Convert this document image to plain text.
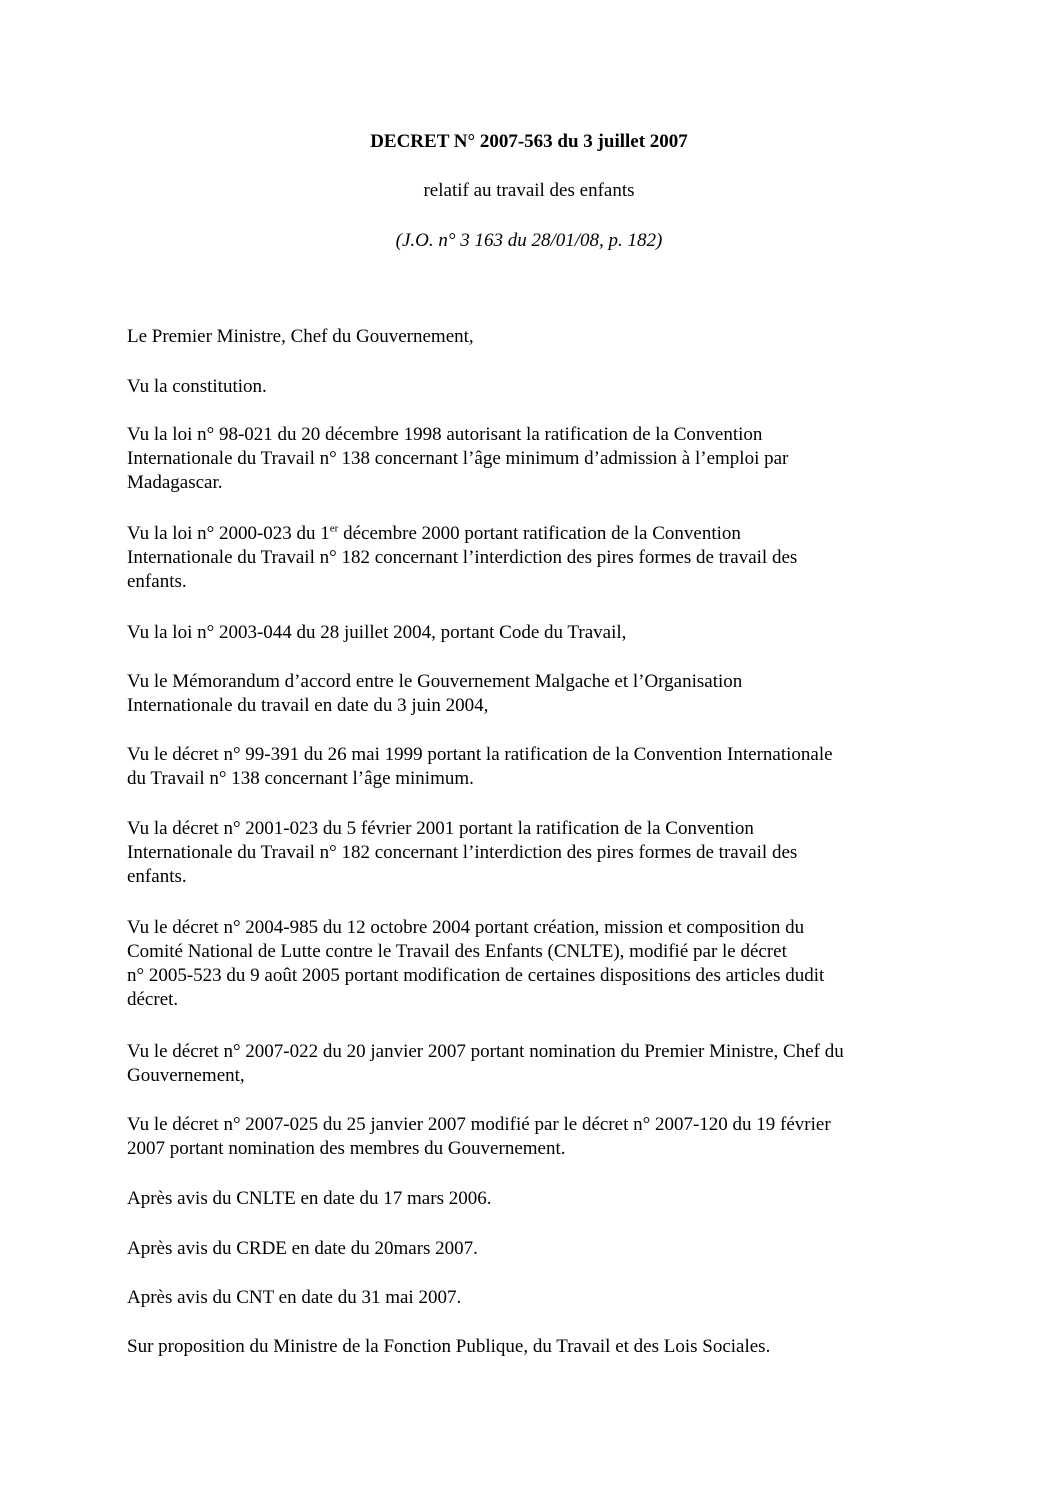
DECRET N° 2007-563 du 3 juillet 2007
relatif au travail des enfants
(J.O. n° 3 163 du 28/01/08, p. 182)
Le Premier Ministre, Chef du Gouvernement,
Vu la constitution.
Vu la loi n° 98-021 du 20 décembre 1998 autorisant la ratification de la Convention
Internationale du Travail n° 138 concernant l’âge minimum d’admission à l’emploi par
Madagascar.
Vu la loi n° 2000-023 du 1er décembre 2000 portant ratification de la Convention
Internationale du Travail n° 182 concernant l’interdiction des pires formes de travail des
enfants.
Vu la loi n° 2003-044 du 28 juillet 2004, portant Code du Travail,
Vu le Mémorandum d’accord entre le Gouvernement Malgache et l’Organisation
Internationale du travail en date du 3 juin 2004,
Vu le décret n° 99-391 du 26 mai 1999 portant la ratification de la Convention Internationale
du Travail n° 138 concernant l’âge minimum.
Vu la décret n° 2001-023 du 5 février 2001 portant la ratification de la Convention
Internationale du Travail n° 182 concernant l’interdiction des pires formes de travail des
enfants.
Vu le décret n° 2004-985 du 12 octobre 2004 portant création, mission et composition du
Comité National de Lutte contre le Travail des Enfants (CNLTE), modifié par le décret
n° 2005-523 du 9 août 2005 portant modification de certaines dispositions des articles dudit
décret.
Vu le décret n° 2007-022 du 20 janvier 2007 portant nomination du Premier Ministre, Chef du
Gouvernement,
Vu le décret n° 2007-025 du 25 janvier 2007 modifié par le décret n° 2007-120 du 19 février
2007 portant nomination des membres du Gouvernement.
Après avis du CNLTE en date du 17 mars 2006.
Après avis du CRDE en date du 20mars 2007.
Après avis du CNT en date du 31 mai 2007.
Sur proposition du Ministre de la Fonction Publique, du Travail et des Lois Sociales.
